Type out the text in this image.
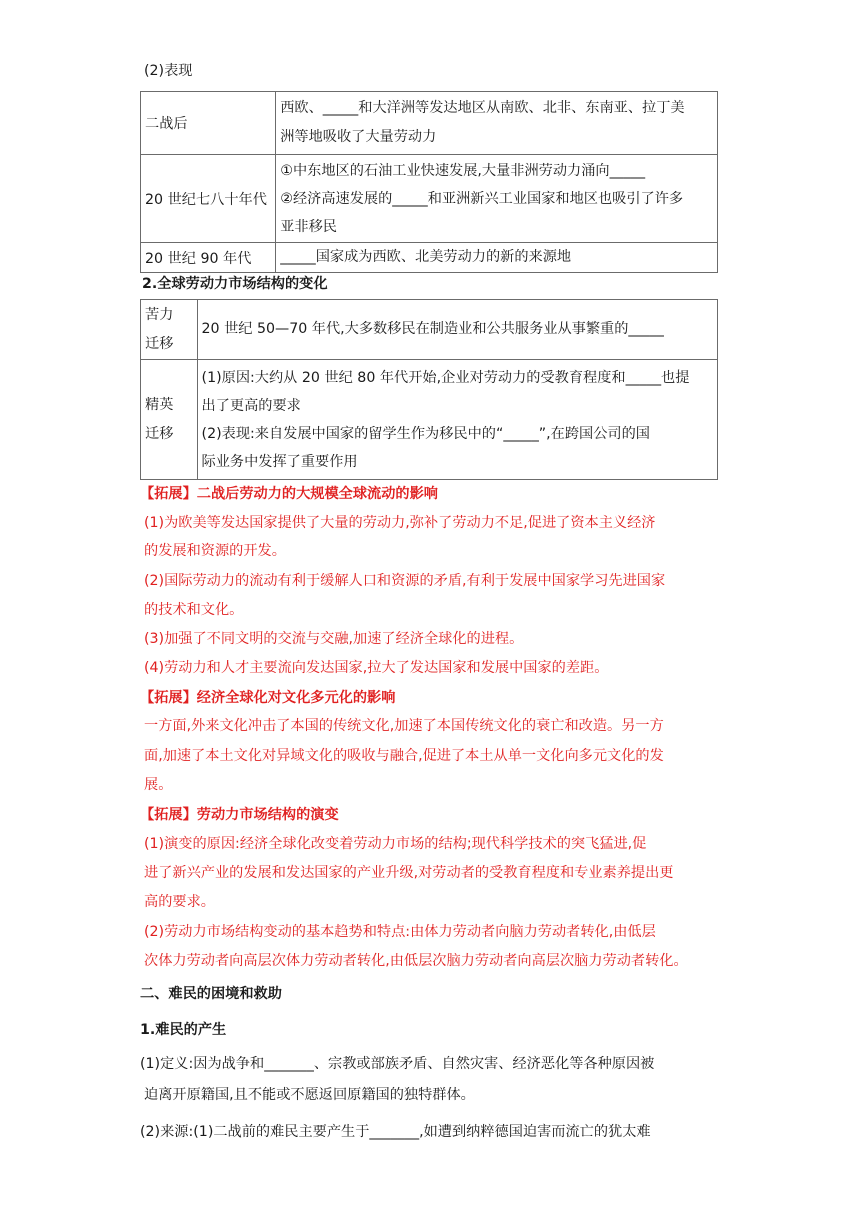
(2)表现
二战后	西欧、_____和大洋洲等发达地区从南欧、北非、东南亚、拉丁美
洲等地吸收了大量劳动力

20 世纪七八十年代	①中东地区的石油工业快速发展,大量非洲劳动力涌向_____
②经济高速发展的_____和亚洲新兴工业国家和地区也吸引了许多
亚非移民

20 世纪 90 年代	_____国家成为西欧、北美劳动力的新的来源地
2.全球劳动力市场结构的变化
苦力
迁移	20 世纪 50—70 年代,大多数移民在制造业和公共服务业从事繁重的_____

精英
迁移	(1)原因:大约从 20 世纪 80 年代开始,企业对劳动力的受教育程度和_____也提
出了更高的要求
(2)表现:来自发展中国家的留学生作为移民中的“_____”,在跨国公司的国
际业务中发挥了重要作用
【拓展】二战后劳动力的大规模全球流动的影响
(1)为欧美等发达国家提供了大量的劳动力,弥补了劳动力不足,促进了资本主义经济
的发展和资源的开发。
(2)国际劳动力的流动有利于缓解人口和资源的矛盾,有利于发展中国家学习先进国家
的技术和文化。
(3)加强了不同文明的交流与交融,加速了经济全球化的进程。
(4)劳动力和人才主要流向发达国家,拉大了发达国家和发展中国家的差距。
【拓展】经济全球化对文化多元化的影响
一方面,外来文化冲击了本国的传统文化,加速了本国传统文化的衰亡和改造。另一方
面,加速了本土文化对异域文化的吸收与融合,促进了本土从单一文化向多元文化的发
展。
【拓展】劳动力市场结构的演变
(1)演变的原因:经济全球化改变着劳动力市场的结构;现代科学技术的突飞猛进,促
进了新兴产业的发展和发达国家的产业升级,对劳动者的受教育程度和专业素养提出更
高的要求。
(2)劳动力市场结构变动的基本趋势和特点:由体力劳动者向脑力劳动者转化,由低层
次体力劳动者向高层次体力劳动者转化,由低层次脑力劳动者向高层次脑力劳动者转化。
二、难民的困境和救助
1.难民的产生
(1)定义:因为战争和_______、宗教或部族矛盾、自然灾害、经济恶化等各种原因被
迫离开原籍国,且不能或不愿返回原籍国的独特群体。
(2)来源:(1)二战前的难民主要产生于_______,如遭到纳粹德国迫害而流亡的犹太难
